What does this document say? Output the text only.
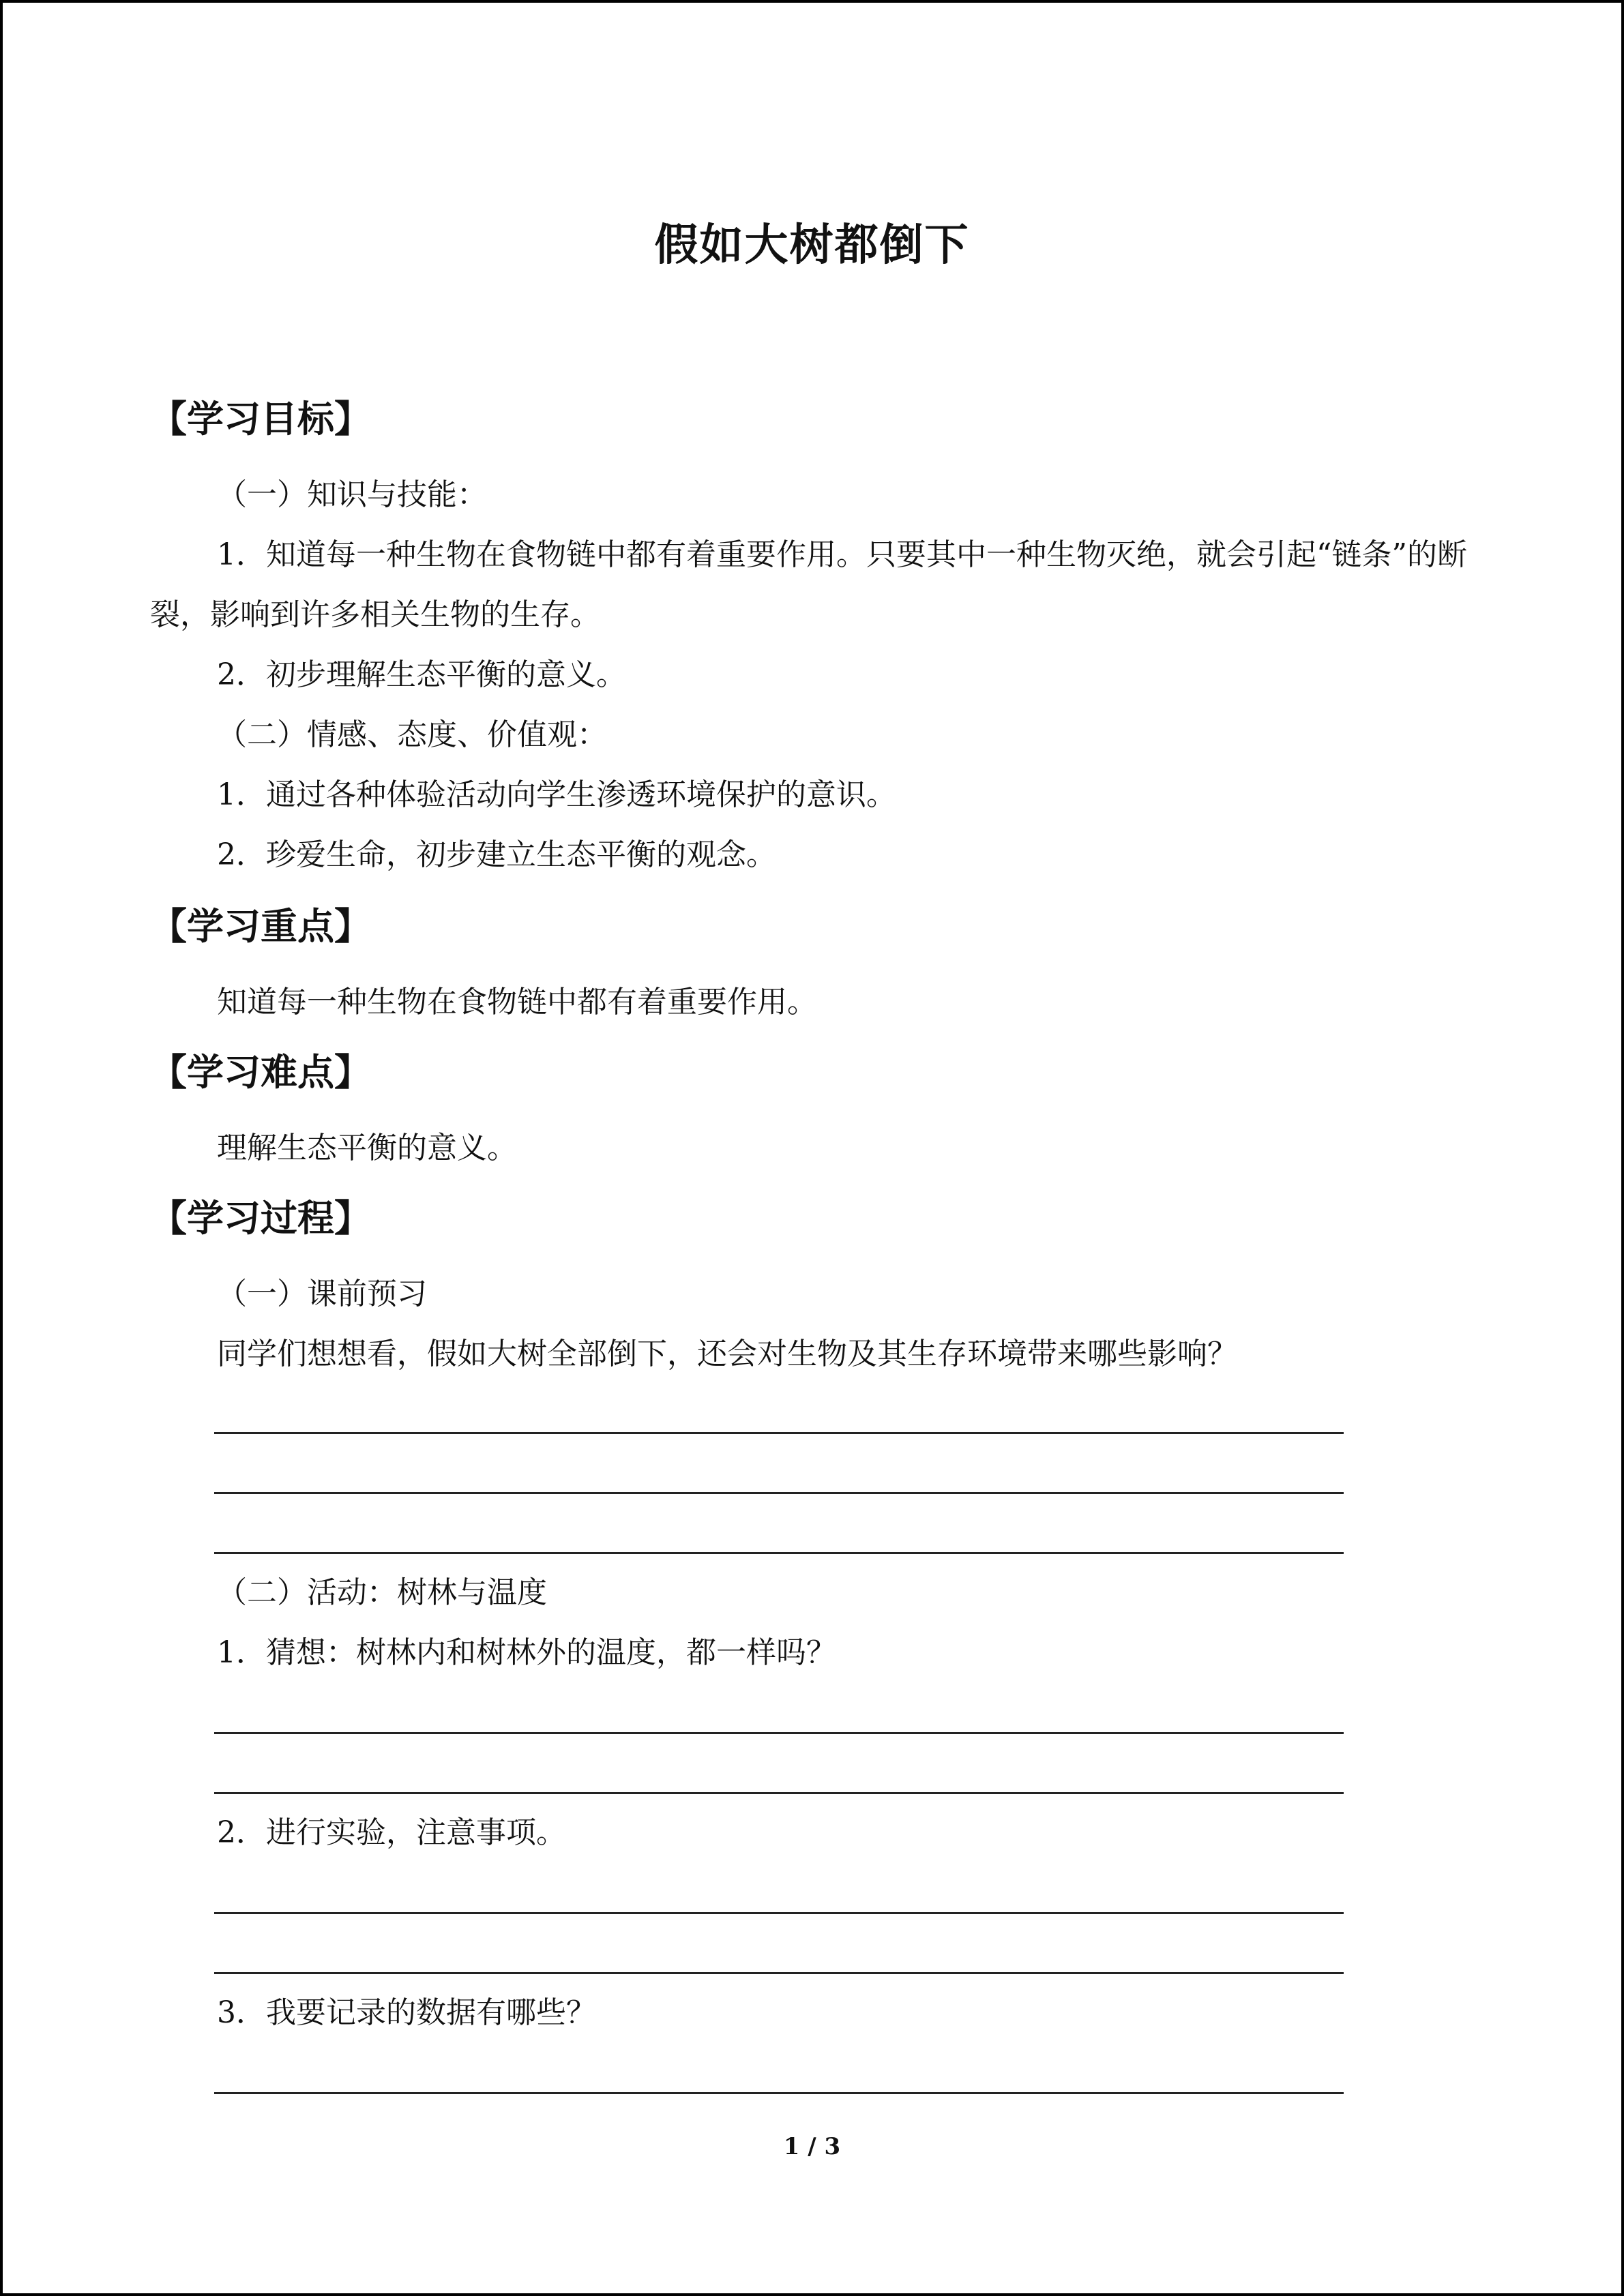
假如大树都倒下
【学习目标】
（一）知识与技能：
1．知道每一种生物在食物链中都有着重要作用。只要其中一种生物灭绝，就会引起“链条”的断裂，影响到许多相关生物的生存。
2．初步理解生态平衡的意义。
（二）情感、态度、价值观：
1．通过各种体验活动向学生渗透环境保护的意识。
2．珍爱生命，初步建立生态平衡的观念。
【学习重点】
知道每一种生物在食物链中都有着重要作用。
【学习难点】
理解生态平衡的意义。
【学习过程】
（一）课前预习
同学们想想看，假如大树全部倒下，还会对生物及其生存环境带来哪些影响？
（二）活动：树林与温度
1．猜想：树林内和树林外的温度，都一样吗？
2．进行实验，注意事项。
3．我要记录的数据有哪些？
1 / 3
